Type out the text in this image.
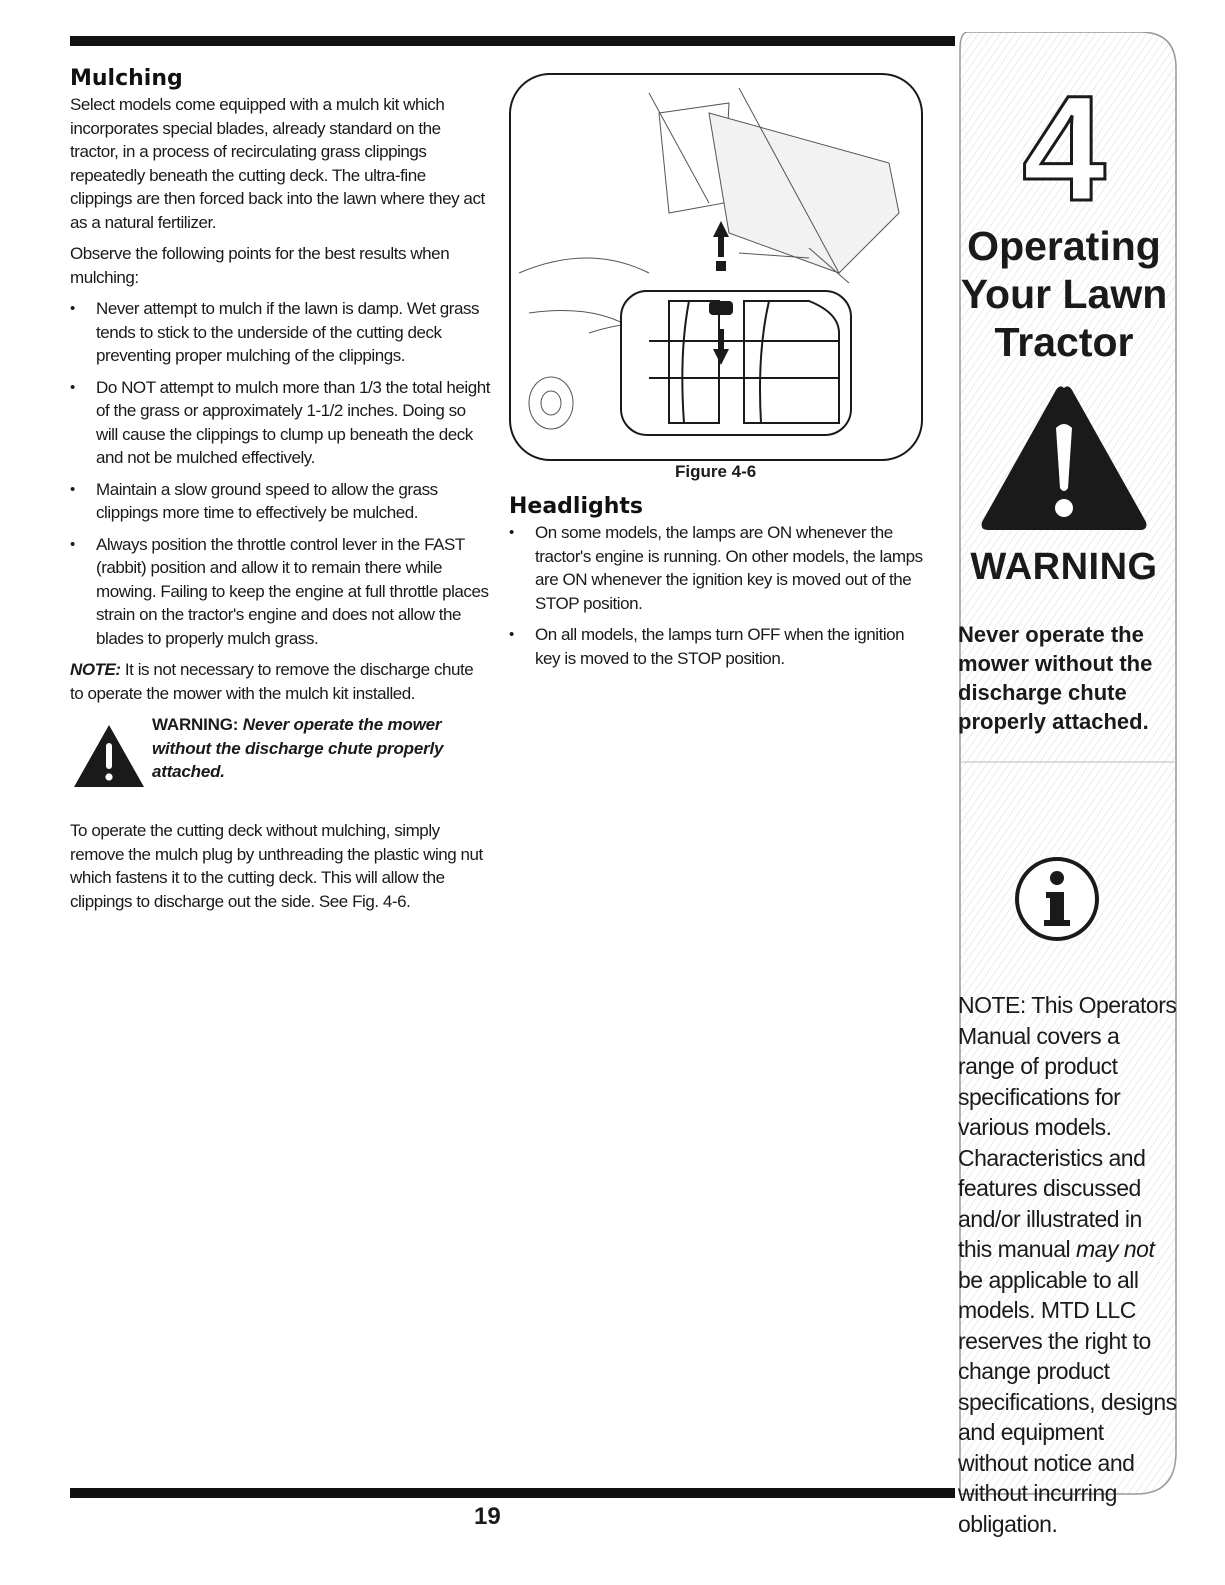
Mulching

Select models come equipped with a mulch kit which incorporates special blades, already standard on the tractor, in a process of recirculating grass clippings repeatedly beneath the cutting deck. The ultra-fine clippings are then forced back into the lawn where they act as a natural fertilizer.

Observe the following points for the best results when mulching:

• Never attempt to mulch if the lawn is damp. Wet grass tends to stick to the underside of the cutting deck preventing proper mulching of the clippings.
• Do NOT attempt to mulch more than 1/3 the total height of the grass or approximately 1-1/2 inches. Doing so will cause the clippings to clump up beneath the deck and not be mulched effectively.
• Maintain a slow ground speed to allow the grass clippings more time to effectively be mulched.
• Always position the throttle control lever in the FAST (rabbit) position and allow it to remain there while mowing. Failing to keep the engine at full throttle places strain on the tractor's engine and does not allow the blades to properly mulch grass.

NOTE: It is not necessary to remove the discharge chute to operate the mower with the mulch kit installed.

WARNING: Never operate the mower without the discharge chute properly attached.

To operate the cutting deck without mulching, simply remove the mulch plug by unthreading the plastic wing nut which fastens it to the cutting deck. This will allow the clippings to discharge out the side. See Fig. 4-6.

Figure 4-6
Headlights
• On some models, the lamps are ON whenever the tractor's engine is running. On other models, the lamps are ON whenever the ignition key is moved out of the STOP position.
• On all models, the lamps turn OFF when the ignition key is moved to the STOP position.
4
Operating
Your Lawn
Tractor
WARNING
Never operate the mower without the discharge chute properly attached.
NOTE: This Operators Manual covers a range of product specifications for various models. Characteristics and features discussed and/or illustrated in this manual may not be applicable to all models. MTD LLC reserves the right to change product specifications, designs and equipment without notice and without incurring obligation.
19
